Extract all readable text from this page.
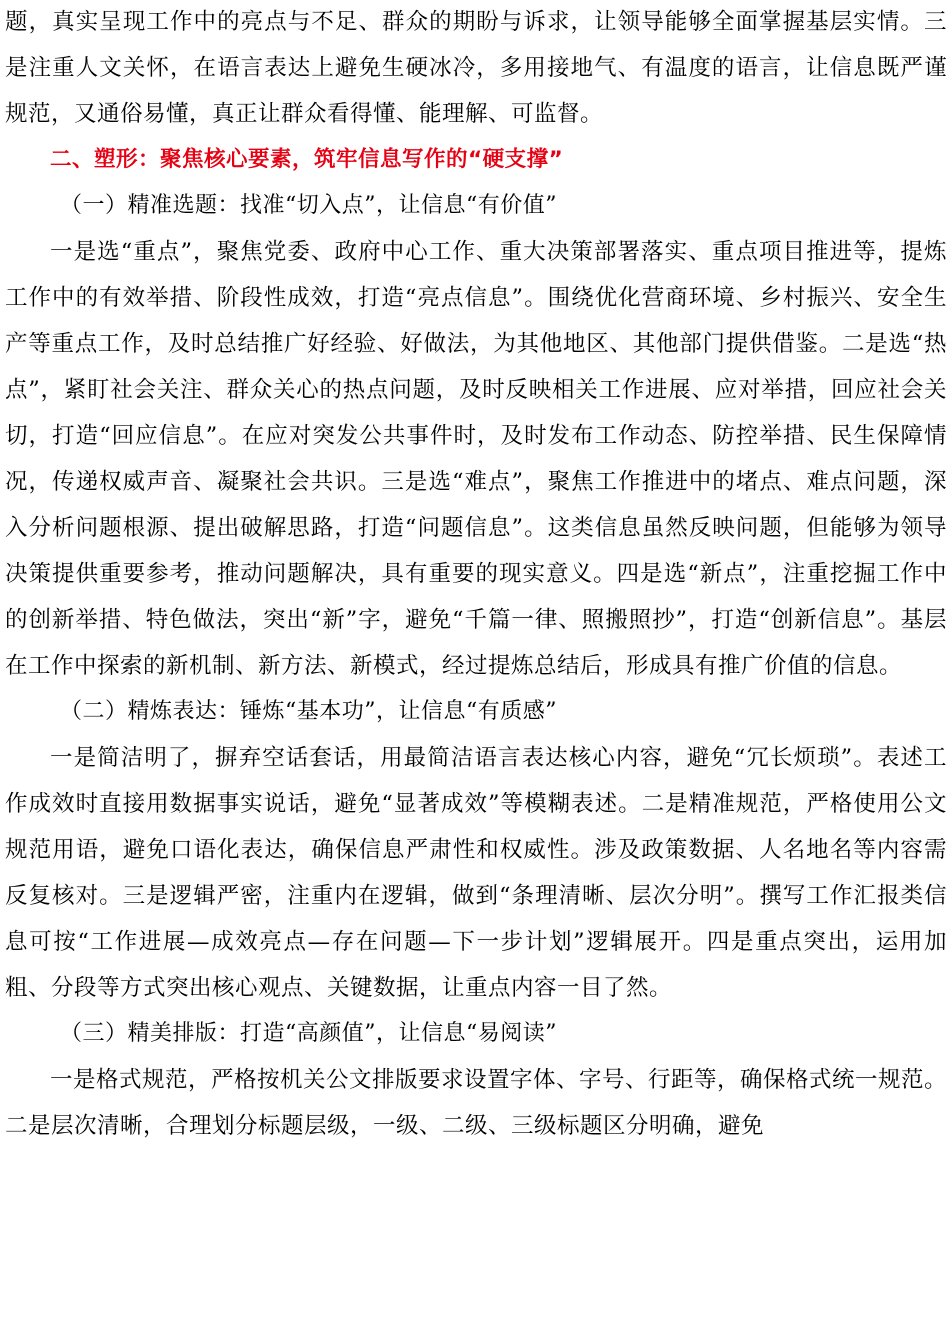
题，真实呈现工作中的亮点与不足、群众的期盼与诉求，让领导能够全面掌握基层实情。三是注重人文关怀，在语言表达上避免生硬冰冷，多用接地气、有温度的语言，让信息既严谨规范，又通俗易懂，真正让群众看得懂、能理解、可监督。

二、塑形：聚焦核心要素，筑牢信息写作的“硬支撑”

（一）精准选题：找准“切入点”，让信息“有价值”

一是选“重点”，聚焦党委、政府中心工作、重大决策部署落实、重点项目推进等，提炼工作中的有效举措、阶段性成效，打造“亮点信息”。围绕优化营商环境、乡村振兴、安全生产等重点工作，及时总结推广好经验、好做法，为其他地区、其他部门提供借鉴。二是选“热点”，紧盯社会关注、群众关心的热点问题，及时反映相关工作进展、应对举措，回应社会关切，打造“回应信息”。在应对突发公共事件时，及时发布工作动态、防控举措、民生保障情况，传递权威声音、凝聚社会共识。三是选“难点”，聚焦工作推进中的堵点、难点问题，深入分析问题根源、提出破解思路，打造“问题信息”。这类信息虽然反映问题，但能够为领导决策提供重要参考，推动问题解决，具有重要的现实意义。四是选“新点”，注重挖掘工作中的创新举措、特色做法，突出“新”字，避免“千篇一律、照搬照抄”，打造“创新信息”。基层在工作中探索的新机制、新方法、新模式，经过提炼总结后，形成具有推广价值的信息。

（二）精炼表达：锤炼“基本功”，让信息“有质感”

一是简洁明了，摒弃空话套话，用最简洁语言表达核心内容，避免“冗长烦琐”。表述工作成效时直接用数据事实说话，避免“显著成效”等模糊表述。二是精准规范，严格使用公文规范用语，避免口语化表达，确保信息严肃性和权威性。涉及政策数据、人名地名等内容需反复核对。三是逻辑严密，注重内在逻辑，做到“条理清晰、层次分明”。撰写工作汇报类信息可按“工作进展—成效亮点—存在问题—下一步计划”逻辑展开。四是重点突出，运用加粗、分段等方式突出核心观点、关键数据，让重点内容一目了然。

（三）精美排版：打造“高颜值”，让信息“易阅读”

一是格式规范，严格按机关公文排版要求设置字体、字号、行距等，确保格式统一规范。二是层次清晰，合理划分标题层级，一级、二级、三级标题区分明确，避免
